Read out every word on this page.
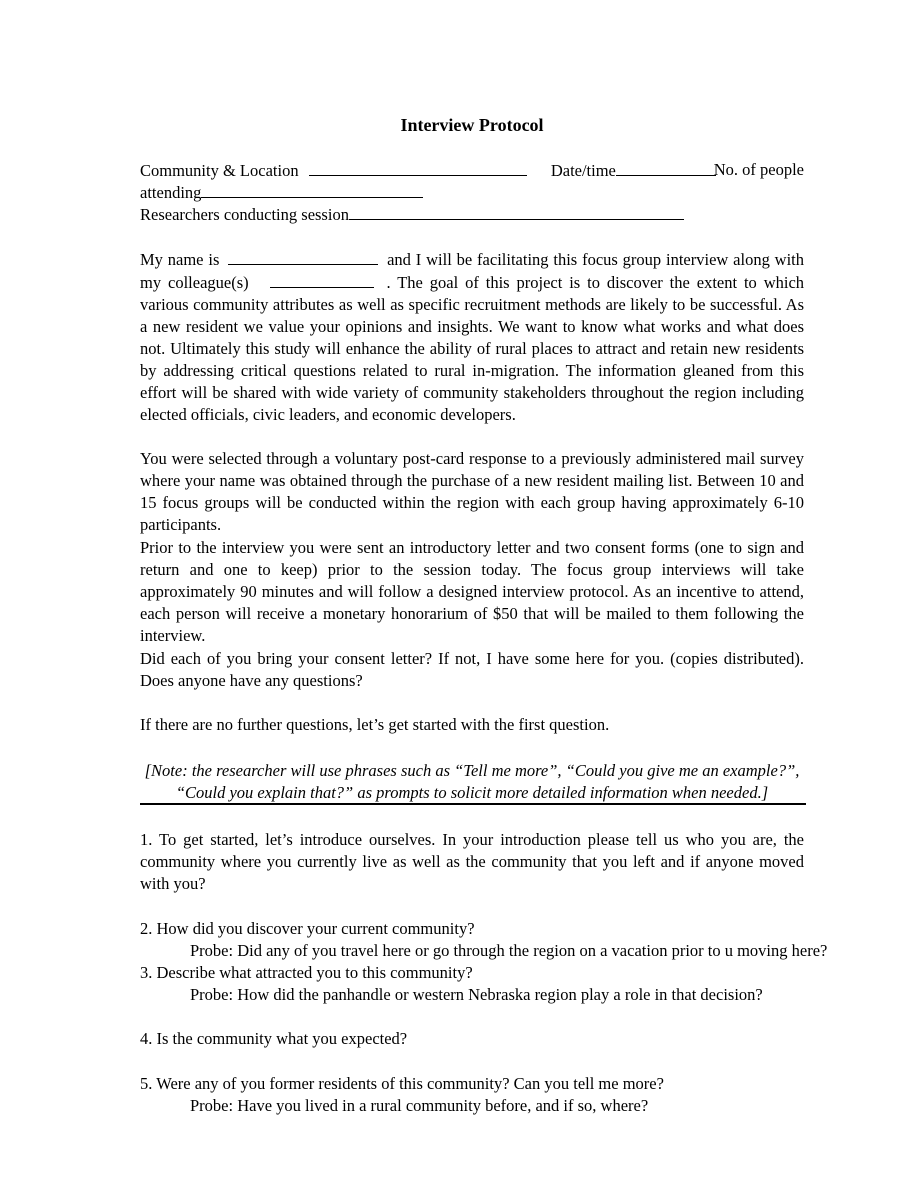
Interview Protocol
Community & Location	Date/time	No. of people
attending
Researchers conducting session
My name is	and I will be facilitating this focus group interview along with my colleague(s)	. The goal of this project is to discover the extent to which various community attributes as well as specific recruitment methods are likely to be successful. As a new resident we value your opinions and insights. We want to know what works and what does not. Ultimately this study will enhance the ability of rural places to attract and retain new residents by addressing critical questions related to rural in-migration. The information gleaned from this effort will be shared with wide variety of community stakeholders throughout the region including elected officials, civic leaders, and economic developers.
You were selected through a voluntary post-card response to a previously administered mail survey where your name was obtained through the purchase of a new resident mailing list. Between 10 and 15 focus groups will be conducted within the region with each group having approximately 6-10 participants.
Prior to the interview you were sent an introductory letter and two consent forms (one to sign and return and one to keep) prior to the session today. The focus group interviews will take approximately 90 minutes and will follow a designed interview protocol. As an incentive to attend, each person will receive a monetary honorarium of $50 that will be mailed to them following the interview.
Did each of you bring your consent letter? If not, I have some here for you. (copies distributed). Does anyone have any questions?
If there are no further questions, let’s get started with the first question.
[Note: the researcher will use phrases such as “Tell me more”, “Could you give me an example?”,
“Could you explain that?” as prompts to solicit more detailed information when needed.]
1. To get started, let’s introduce ourselves. In your introduction please tell us who you are, the community where you currently live as well as the community that you left and if anyone moved with you?
2. How did you discover your current community?
Probe: Did any of you travel here or go through the region on a vacation prior to u moving here?
3. Describe what attracted you to this community?
Probe: How did the panhandle or western Nebraska region play a role in that decision?
4. Is the community what you expected?
5. Were any of you former residents of this community? Can you tell me more?
Probe: Have you lived in a rural community before, and if so, where?
